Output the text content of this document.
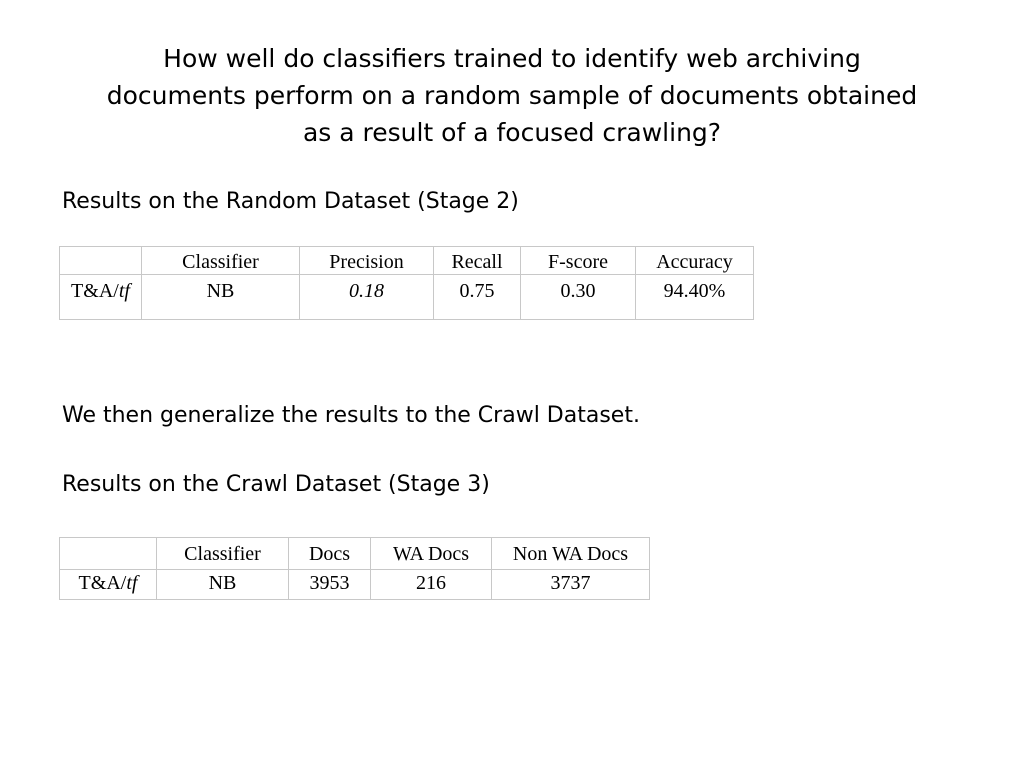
How well do classifiers trained to identify web archiving
documents perform on a random sample of documents obtained
as a result of a focused crawling?

Results on the Random Dataset (Stage 2)

	Classifier	Precision	Recall	F-score	Accuracy
T&A/tf	NB	0.18	0.75	0.30	94.40%

We then generalize the results to the Crawl Dataset.

Results on the Crawl Dataset (Stage 3)

	Classifier	Docs	WA Docs	Non WA Docs
T&A/tf	NB	3953	216	3737
